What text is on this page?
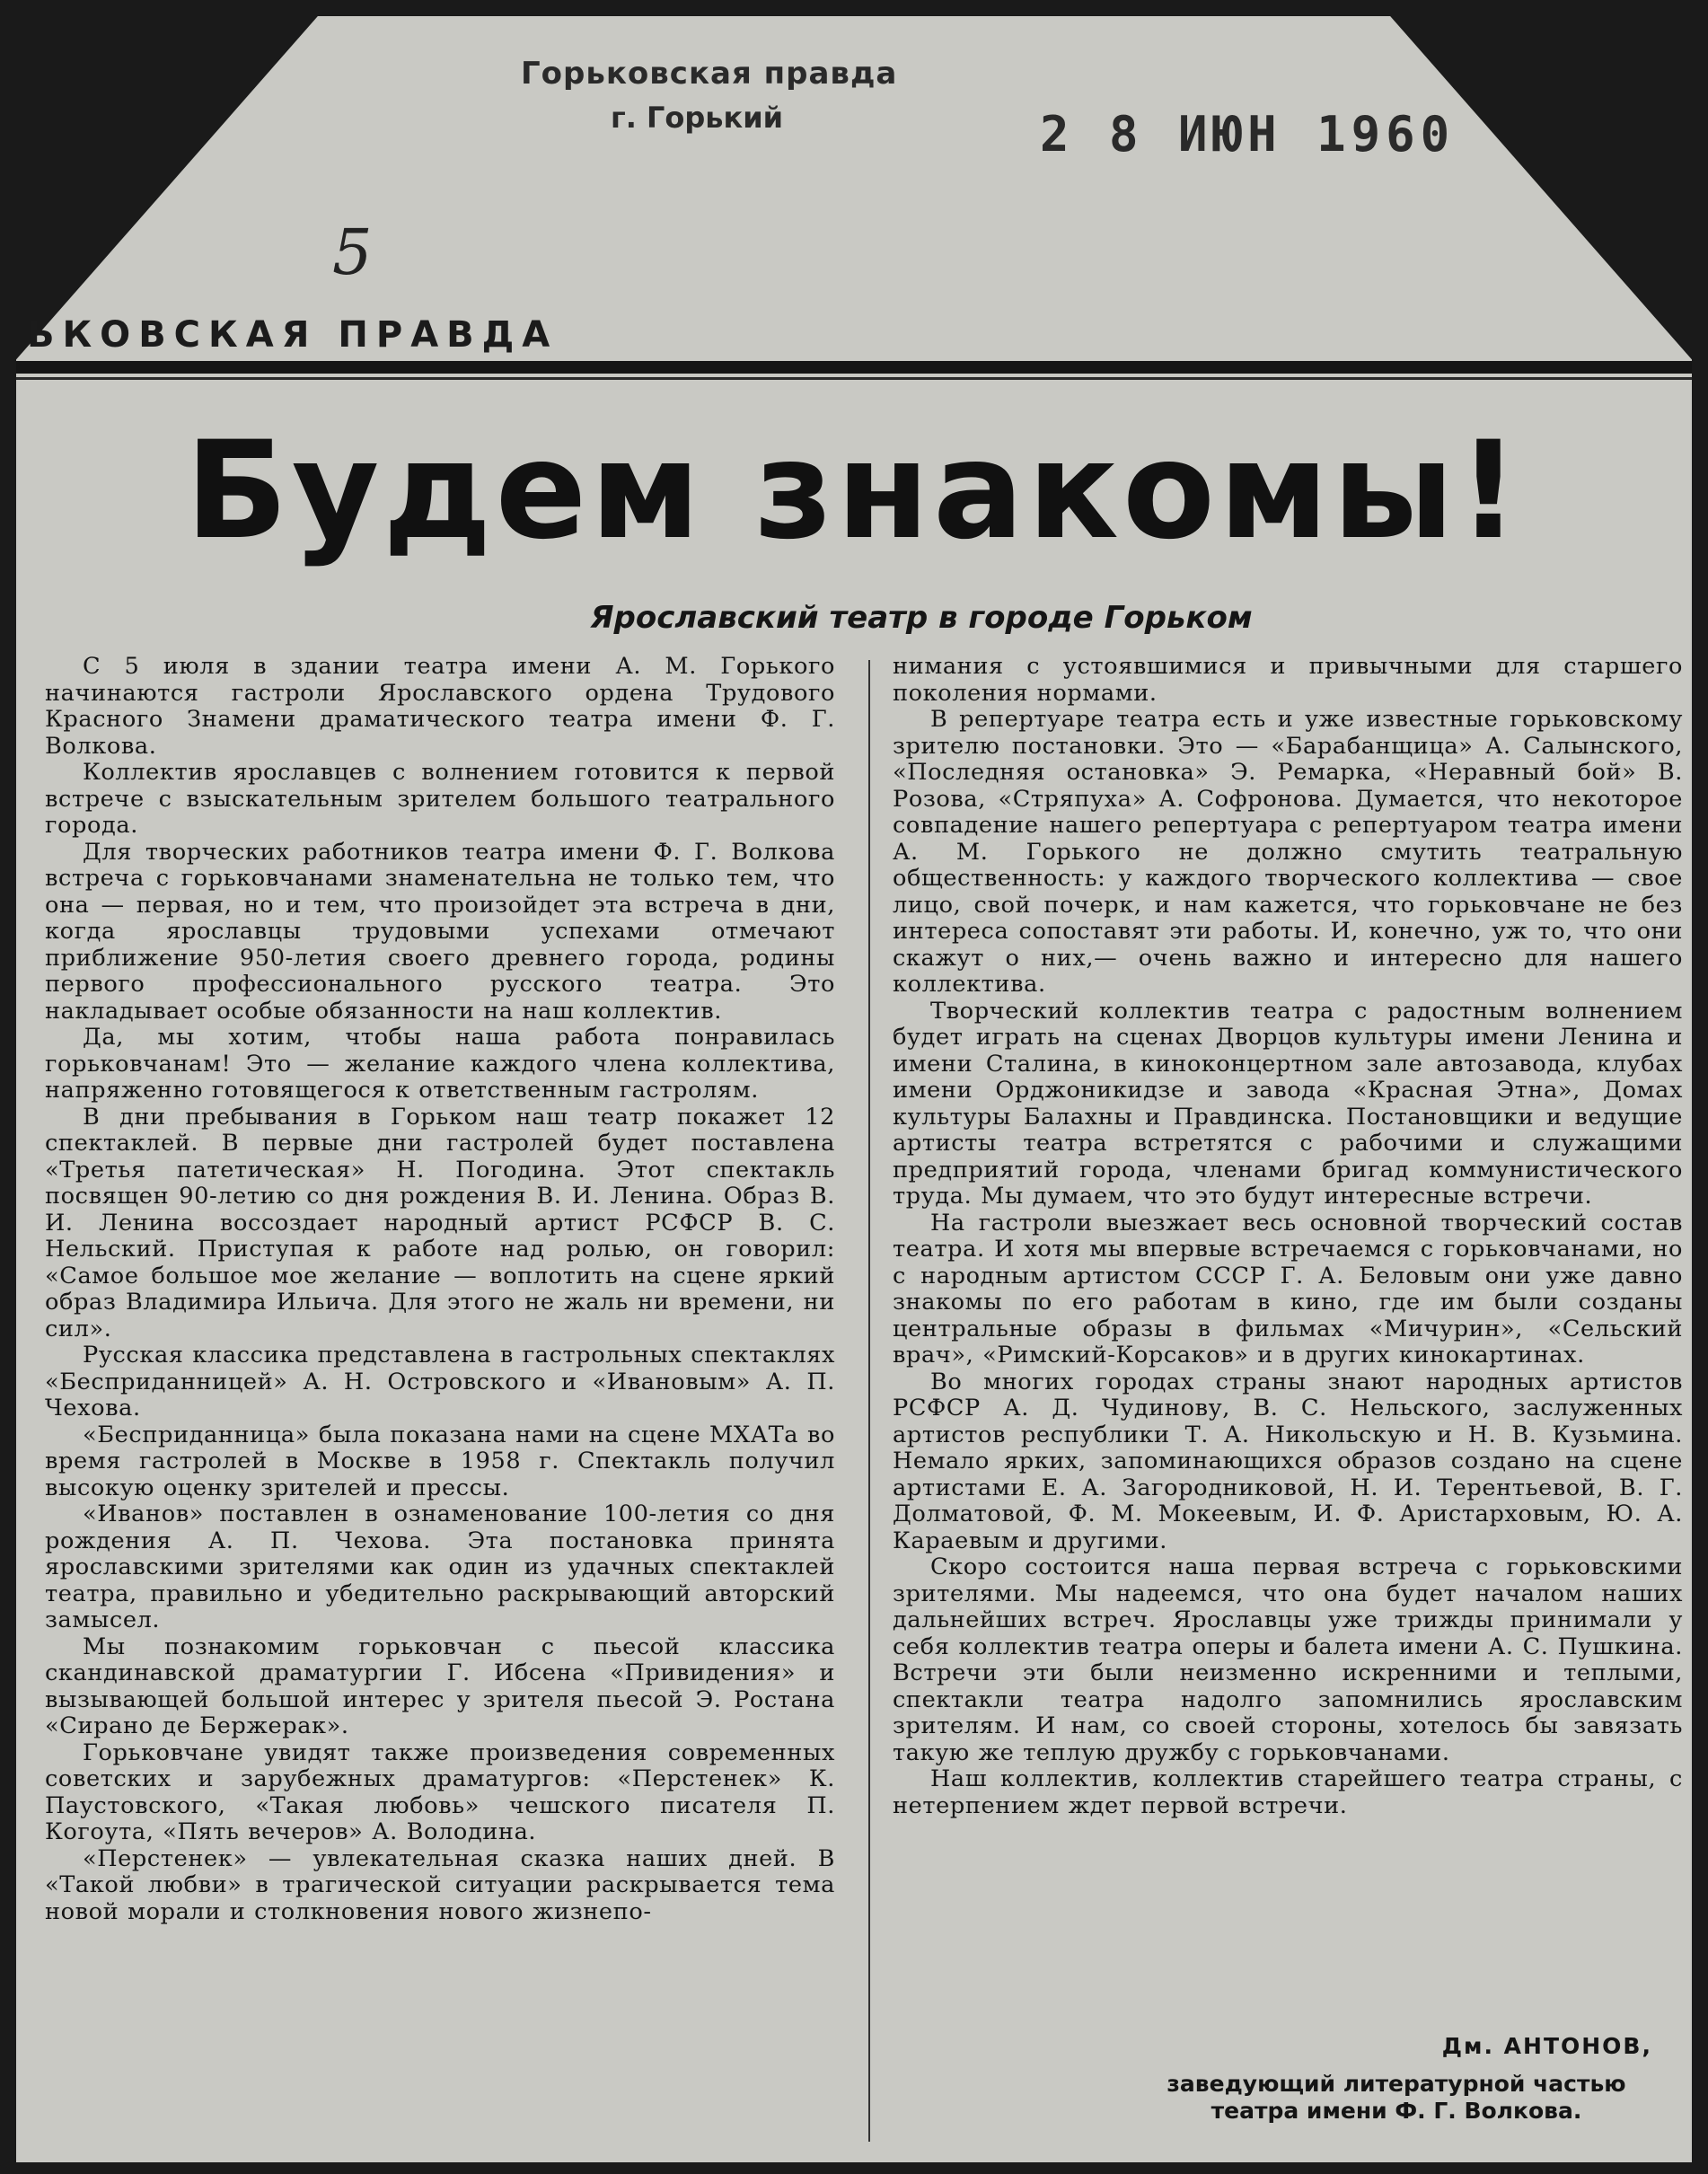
Горьковская правда
г. Горький	2 8 ИЮН 1960
5
ЬКОВСКАЯ ПРАВДА
Будем знакомы!
Ярославский театр в городе Горьком

С 5 июля в здании театра имени А. М. Горького начинаются гастроли Ярославского ордена Трудового Красного Знамени драматического театра имени Ф. Г. Волкова.

Коллектив ярославцев с волнением готовится к первой встрече с взыскательным зрителем большого театрального города.

Для творческих работников театра имени Ф. Г. Волкова встреча с горьковчанами знаменательна не только тем, что она — первая, но и тем, что произойдет эта встреча в дни, когда ярославцы трудовыми успехами отмечают приближение 950-летия своего древнего города, родины первого профессионального русского театра. Это накладывает особые обязанности на наш коллектив.

Да, мы хотим, чтобы наша работа понравилась горьковчанам! Это — желание каждого члена коллектива, напряженно готовящегося к ответственным гастролям.

В дни пребывания в Горьком наш театр покажет 12 спектаклей. В первые дни гастролей будет поставлена «Третья патетическая» Н. Погодина. Этот спектакль посвящен 90-летию со дня рождения В. И. Ленина. Образ В. И. Ленина воссоздает народный артист РСФСР В. С. Нельский. Приступая к работе над ролью, он говорил: «Самое большое мое желание — воплотить на сцене яркий образ Владимира Ильича. Для этого не жаль ни времени, ни сил».

Русская классика представлена в гастрольных спектаклях «Бесприданницей» А. Н. Островского и «Ивановым» А. П. Чехова.

«Бесприданница» была показана нами на сцене МХАТа во время гастролей в Москве в 1958 г. Спектакль получил высокую оценку зрителей и прессы.

«Иванов» поставлен в ознаменование 100-летия со дня рождения А. П. Чехова. Эта постановка принята ярославскими зрителями как один из удачных спектаклей театра, правильно и убедительно раскрывающий авторский замысел.

Мы познакомим горьковчан с пьесой классика скандинавской драматургии Г. Ибсена «Привидения» и вызывающей большой интерес у зрителя пьесой Э. Ростана «Сирано де Бержерак».

Горьковчане увидят также произведения современных советских и зарубежных драматургов: «Перстенек» К. Паустовского, «Такая любовь» чешского писателя П. Когоута, «Пять вечеров» А. Володина.

«Перстенек» — увлекательная сказка наших дней. В «Такой любви» в трагической ситуации раскрывается тема новой морали и столкновения нового жизнепо-

нимания с устоявшимися и привычными для старшего поколения нормами.

В репертуаре театра есть и уже известные горьковскому зрителю постановки. Это — «Барабанщица» А. Салынского, «Последняя остановка» Э. Ремарка, «Неравный бой» В. Розова, «Стряпуха» А. Софронова. Думается, что некоторое совпадение нашего репертуара с репертуаром театра имени А. М. Горького не должно смутить театральную общественность: у каждого творческого коллектива — свое лицо, свой почерк, и нам кажется, что горьковчане не без интереса сопоставят эти работы. И, конечно, уж то, что они скажут о них,— очень важно и интересно для нашего коллектива.

Творческий коллектив театра с радостным волнением будет играть на сценах Дворцов культуры имени Ленина и имени Сталина, в киноконцертном зале автозавода, клубах имени Орджоникидзе и завода «Красная Этна», Домах культуры Балахны и Правдинска. Постановщики и ведущие артисты театра встретятся с рабочими и служащими предприятий города, членами бригад коммунистического труда. Мы думаем, что это будут интересные встречи.

На гастроли выезжает весь основной творческий состав театра. И хотя мы впервые встречаемся с горьковчанами, но с народным артистом СССР Г. А. Беловым они уже давно знакомы по его работам в кино, где им были созданы центральные образы в фильмах «Мичурин», «Сельский врач», «Римский-Корсаков» и в других кинокартинах.

Во многих городах страны знают народных артистов РСФСР А. Д. Чудинову, В. С. Нельского, заслуженных артистов республики Т. А. Никольскую и Н. В. Кузьмина. Немало ярких, запоминающихся образов создано на сцене артистами Е. А. Загородниковой, Н. И. Терентьевой, В. Г. Долматовой, Ф. М. Мокеевым, И. Ф. Аристарховым, Ю. А. Караевым и другими.

Скоро состоится наша первая встреча с горьковскими зрителями. Мы надеемся, что она будет началом наших дальнейших встреч. Ярославцы уже трижды принимали у себя коллектив театра оперы и балета имени А. С. Пушкина. Встречи эти были неизменно искренними и теплыми, спектакли театра надолго запомнились ярославским зрителям. И нам, со своей стороны, хотелось бы завязать такую же теплую дружбу с горьковчанами.

Наш коллектив, коллектив старейшего театра страны, с нетерпением ждет первой встречи.

Дм. АНТОНОВ,
заведующий литературной частью
театра имени Ф. Г. Волкова.
